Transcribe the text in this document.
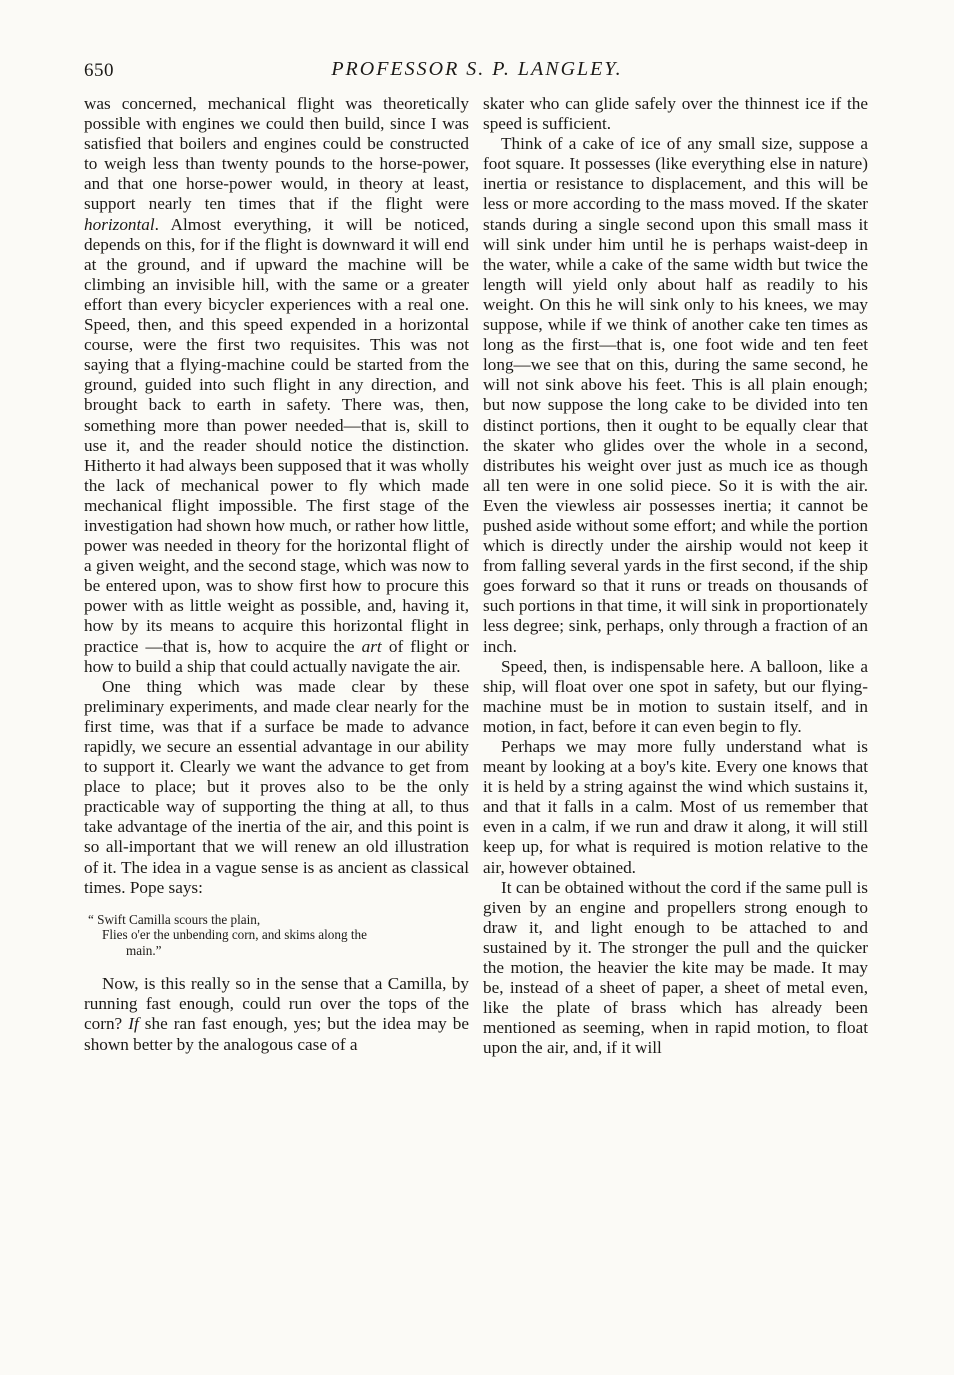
650	PROFESSOR S. P. LANGLEY.

was concerned, mechanical flight was theoretically possible with engines we could then build, since I was satisfied that boilers and engines could be constructed to weigh less than twenty pounds to the horse-power, and that one horse-power would, in theory at least, support nearly ten times that if the flight were horizontal. Almost everything, it will be noticed, depends on this, for if the flight is downward it will end at the ground, and if upward the machine will be climbing an invisible hill, with the same or a greater effort than every bicycler experiences with a real one. Speed, then, and this speed expended in a horizontal course, were the first two requisites. This was not saying that a flying-machine could be started from the ground, guided into such flight in any direction, and brought back to earth in safety. There was, then, something more than power needed—that is, skill to use it, and the reader should notice the distinction. Hitherto it had always been supposed that it was wholly the lack of mechanical power to fly which made mechanical flight impossible. The first stage of the investigation had shown how much, or rather how little, power was needed in theory for the horizontal flight of a given weight, and the second stage, which was now to be entered upon, was to show first how to procure this power with as little weight as possible, and, having it, how by its means to acquire this horizontal flight in practice —that is, how to acquire the art of flight or how to build a ship that could actually navigate the air.

One thing which was made clear by these preliminary experiments, and made clear nearly for the first time, was that if a surface be made to advance rapidly, we secure an essential advantage in our ability to support it. Clearly we want the advance to get from place to place; but it proves also to be the only practicable way of supporting the thing at all, to thus take advantage of the inertia of the air, and this point is so all-important that we will renew an old illustration of it. The idea in a vague sense is as ancient as classical times. Pope says:

“ Swift Camilla scours the plain,
Flies o'er the unbending corn, and skims along the
main.”

Now, is this really so in the sense that a Camilla, by running fast enough, could run over the tops of the corn? If she ran fast enough, yes; but the idea may be shown better by the analogous case of a

skater who can glide safely over the thinnest ice if the speed is sufficient.

Think of a cake of ice of any small size, suppose a foot square. It possesses (like everything else in nature) inertia or resistance to displacement, and this will be less or more according to the mass moved. If the skater stands during a single second upon this small mass it will sink under him until he is perhaps waist-deep in the water, while a cake of the same width but twice the length will yield only about half as readily to his weight. On this he will sink only to his knees, we may suppose, while if we think of another cake ten times as long as the first—that is, one foot wide and ten feet long—we see that on this, during the same second, he will not sink above his feet. This is all plain enough; but now suppose the long cake to be divided into ten distinct portions, then it ought to be equally clear that the skater who glides over the whole in a second, distributes his weight over just as much ice as though all ten were in one solid piece. So it is with the air. Even the viewless air possesses inertia; it cannot be pushed aside without some effort; and while the portion which is directly under the airship would not keep it from falling several yards in the first second, if the ship goes forward so that it runs or treads on thousands of such portions in that time, it will sink in proportionately less degree; sink, perhaps, only through a fraction of an inch.

Speed, then, is indispensable here. A balloon, like a ship, will float over one spot in safety, but our flying-machine must be in motion to sustain itself, and in motion, in fact, before it can even begin to fly.

Perhaps we may more fully understand what is meant by looking at a boy's kite. Every one knows that it is held by a string against the wind which sustains it, and that it falls in a calm. Most of us remember that even in a calm, if we run and draw it along, it will still keep up, for what is required is motion relative to the air, however obtained.

It can be obtained without the cord if the same pull is given by an engine and propellers strong enough to draw it, and light enough to be attached to and sustained by it. The stronger the pull and the quicker the motion, the heavier the kite may be made. It may be, instead of a sheet of paper, a sheet of metal even, like the plate of brass which has already been mentioned as seeming, when in rapid motion, to float upon the air, and, if it will
